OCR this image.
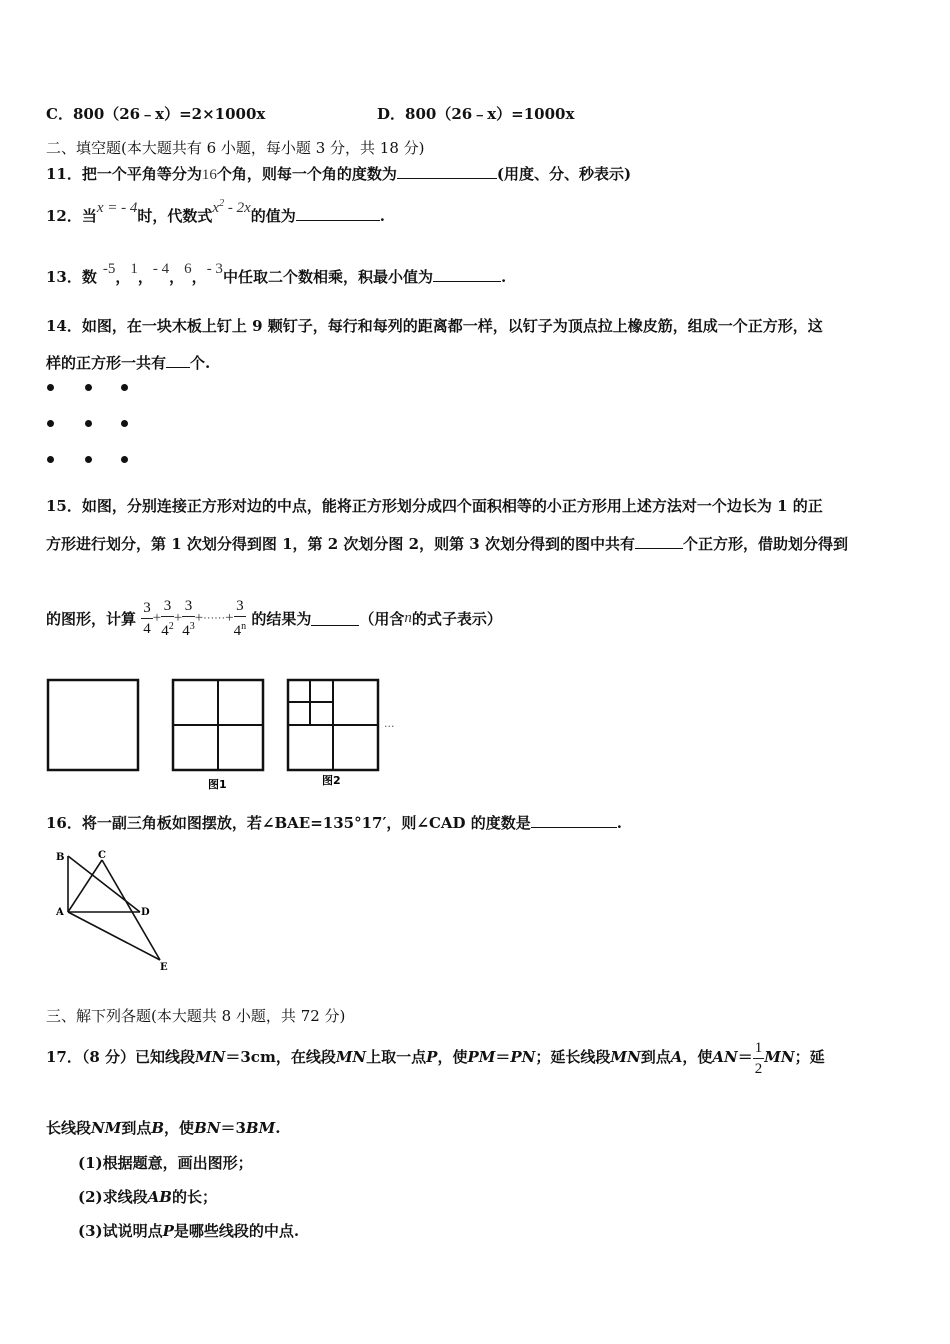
C．800（26﹣x）=2×1000x	D．800（26﹣x）=1000x
二、填空题(本大题共有 6 小题，每小题 3 分，共 18 分)
11．把一个平角等分为16个角，则每一个角的度数为	(用度、分、秒表示)
12．当x = - 4时，代数式$x^2 - 2x$的值为	.
13．数 -5，1，- 4，6，- 3中任取二个数相乘，积最小值为	.
14．如图，在一块木板上钉上 9 颗钉子，每行和每列的距离都一样，以钉子为顶点拉上橡皮筋，组成一个正方形，这
样的正方形一共有 个.
15．如图，分别连接正方形对边的中点，能将正方形划分成四个面积相等的小正方形用上述方法对一个边长为 1 的正
方形进行划分，第 1 次划分得到图 1，第 2 次划分图 2，则第 3 次划分得到的图中共有	个正方形，借助划分得到
的图形，计算 $\frac{3}{4} + \frac{3}{4^2} + \frac{3}{4^3}$ +······+ $\frac{3}{4^n}$ 的结果为	（用含n的式子表示）
···
图1	图2
16．将一副三角板如图摆放，若∠BAE=135°17′，则∠CAD 的度数是	.
B	C
A	D
E
三、解下列各题(本大题共 8 小题，共 72 分)
17．（8 分）已知线段MN＝3cm，在线段MN上取一点P，使PM＝PN；延长线段MN到点A，使$AN= \frac{1}{2}$ MN；延
长线段NM到点B，使BN＝3BM.
(1)根据题意，画出图形；
(2)求线段AB的长；
(3)试说明点P是哪些线段的中点.
